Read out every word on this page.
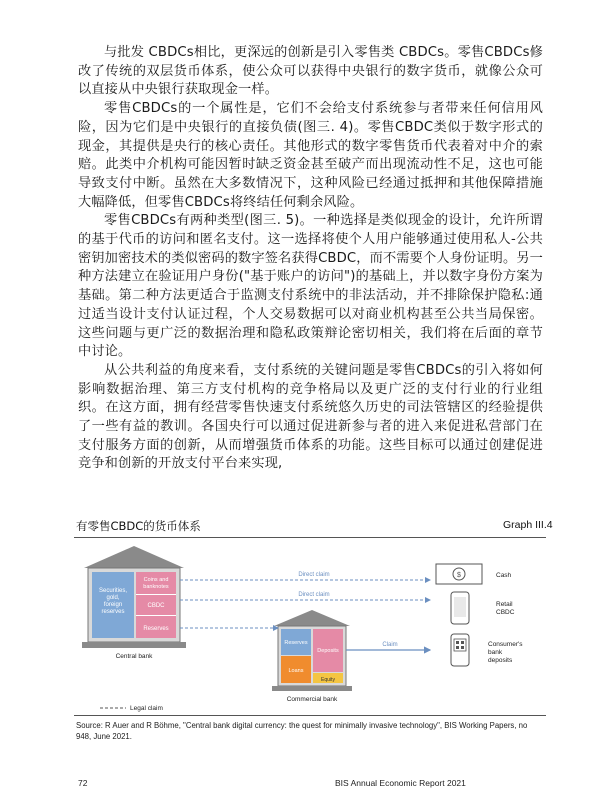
与批发 CBDCs相比，更深远的创新是引入零售类 CBDCs。零售CBDCs修改了传统的双层货币体系，使公众可以获得中央银行的数字货币，就像公众可以直接从中央银行获取现金一样。

零售CBDCs的一个属性是，它们不会给支付系统参与者带来任何信用风险，因为它们是中央银行的直接负债(图三. 4)。零售CBDC类似于数字形式的现金，其提供是央行的核心责任。其他形式的数字零售货币代表着对中介的索赔。此类中介机构可能因暂时缺乏资金甚至破产而出现流动性不足，这也可能导致支付中断。虽然在大多数情况下，这种风险已经通过抵押和其他保障措施大幅降低，但零售CBDCs将终结任何剩余风险。

零售CBDCs有两种类型(图三. 5)。一种选择是类似现金的设计，允许所谓的基于代币的访问和匿名支付。这一选择将使个人用户能够通过使用私人-公共密钥加密技术的类似密码的数字签名获得CBDC，而不需要个人身份证明。另一种方法建立在验证用户身份("基于账户的访问")的基础上，并以数字身份方案为基础。第二种方法更适合于监测支付系统中的非法活动，并不排除保护隐私:通过适当设计支付认证过程，个人交易数据可以对商业机构甚至公共当局保密。这些问题与更广泛的数据治理和隐私政策辩论密切相关，我们将在后面的章节中讨论。

从公共利益的角度来看，支付系统的关键问题是零售CBDCs的引入将如何影响数据治理、第三方支付机构的竞争格局以及更广泛的支付行业的行业组织。在这方面，拥有经营零售快速支付系统悠久历史的司法管辖区的经验提供了一些有益的教训。各国央行可以通过促进新参与者的进入来促进私营部门在支付服务方面的创新，从而增强货币体系的功能。这些目标可以通过创建促进竞争和创新的开放支付平台来实现,

有零售CBDC的货币体系	Graph III.4
Securities,
gold,
foreign
reserves
Coins and
banknotes
CBDC
Reserves
Central bank
Reserves
Loans
Deposits
Equity
Commercial bank
Direct claim
Direct claim
Claim
$	Cash
Retail
CBDC
Consumer's
bank
deposits
Legal claim
Source: R Auer and R Böhme, "Central bank digital currency: the quest for minimally invasive technology", BIS Working Papers, no 948, June 2021.
72	BIS Annual Economic Report 2021
